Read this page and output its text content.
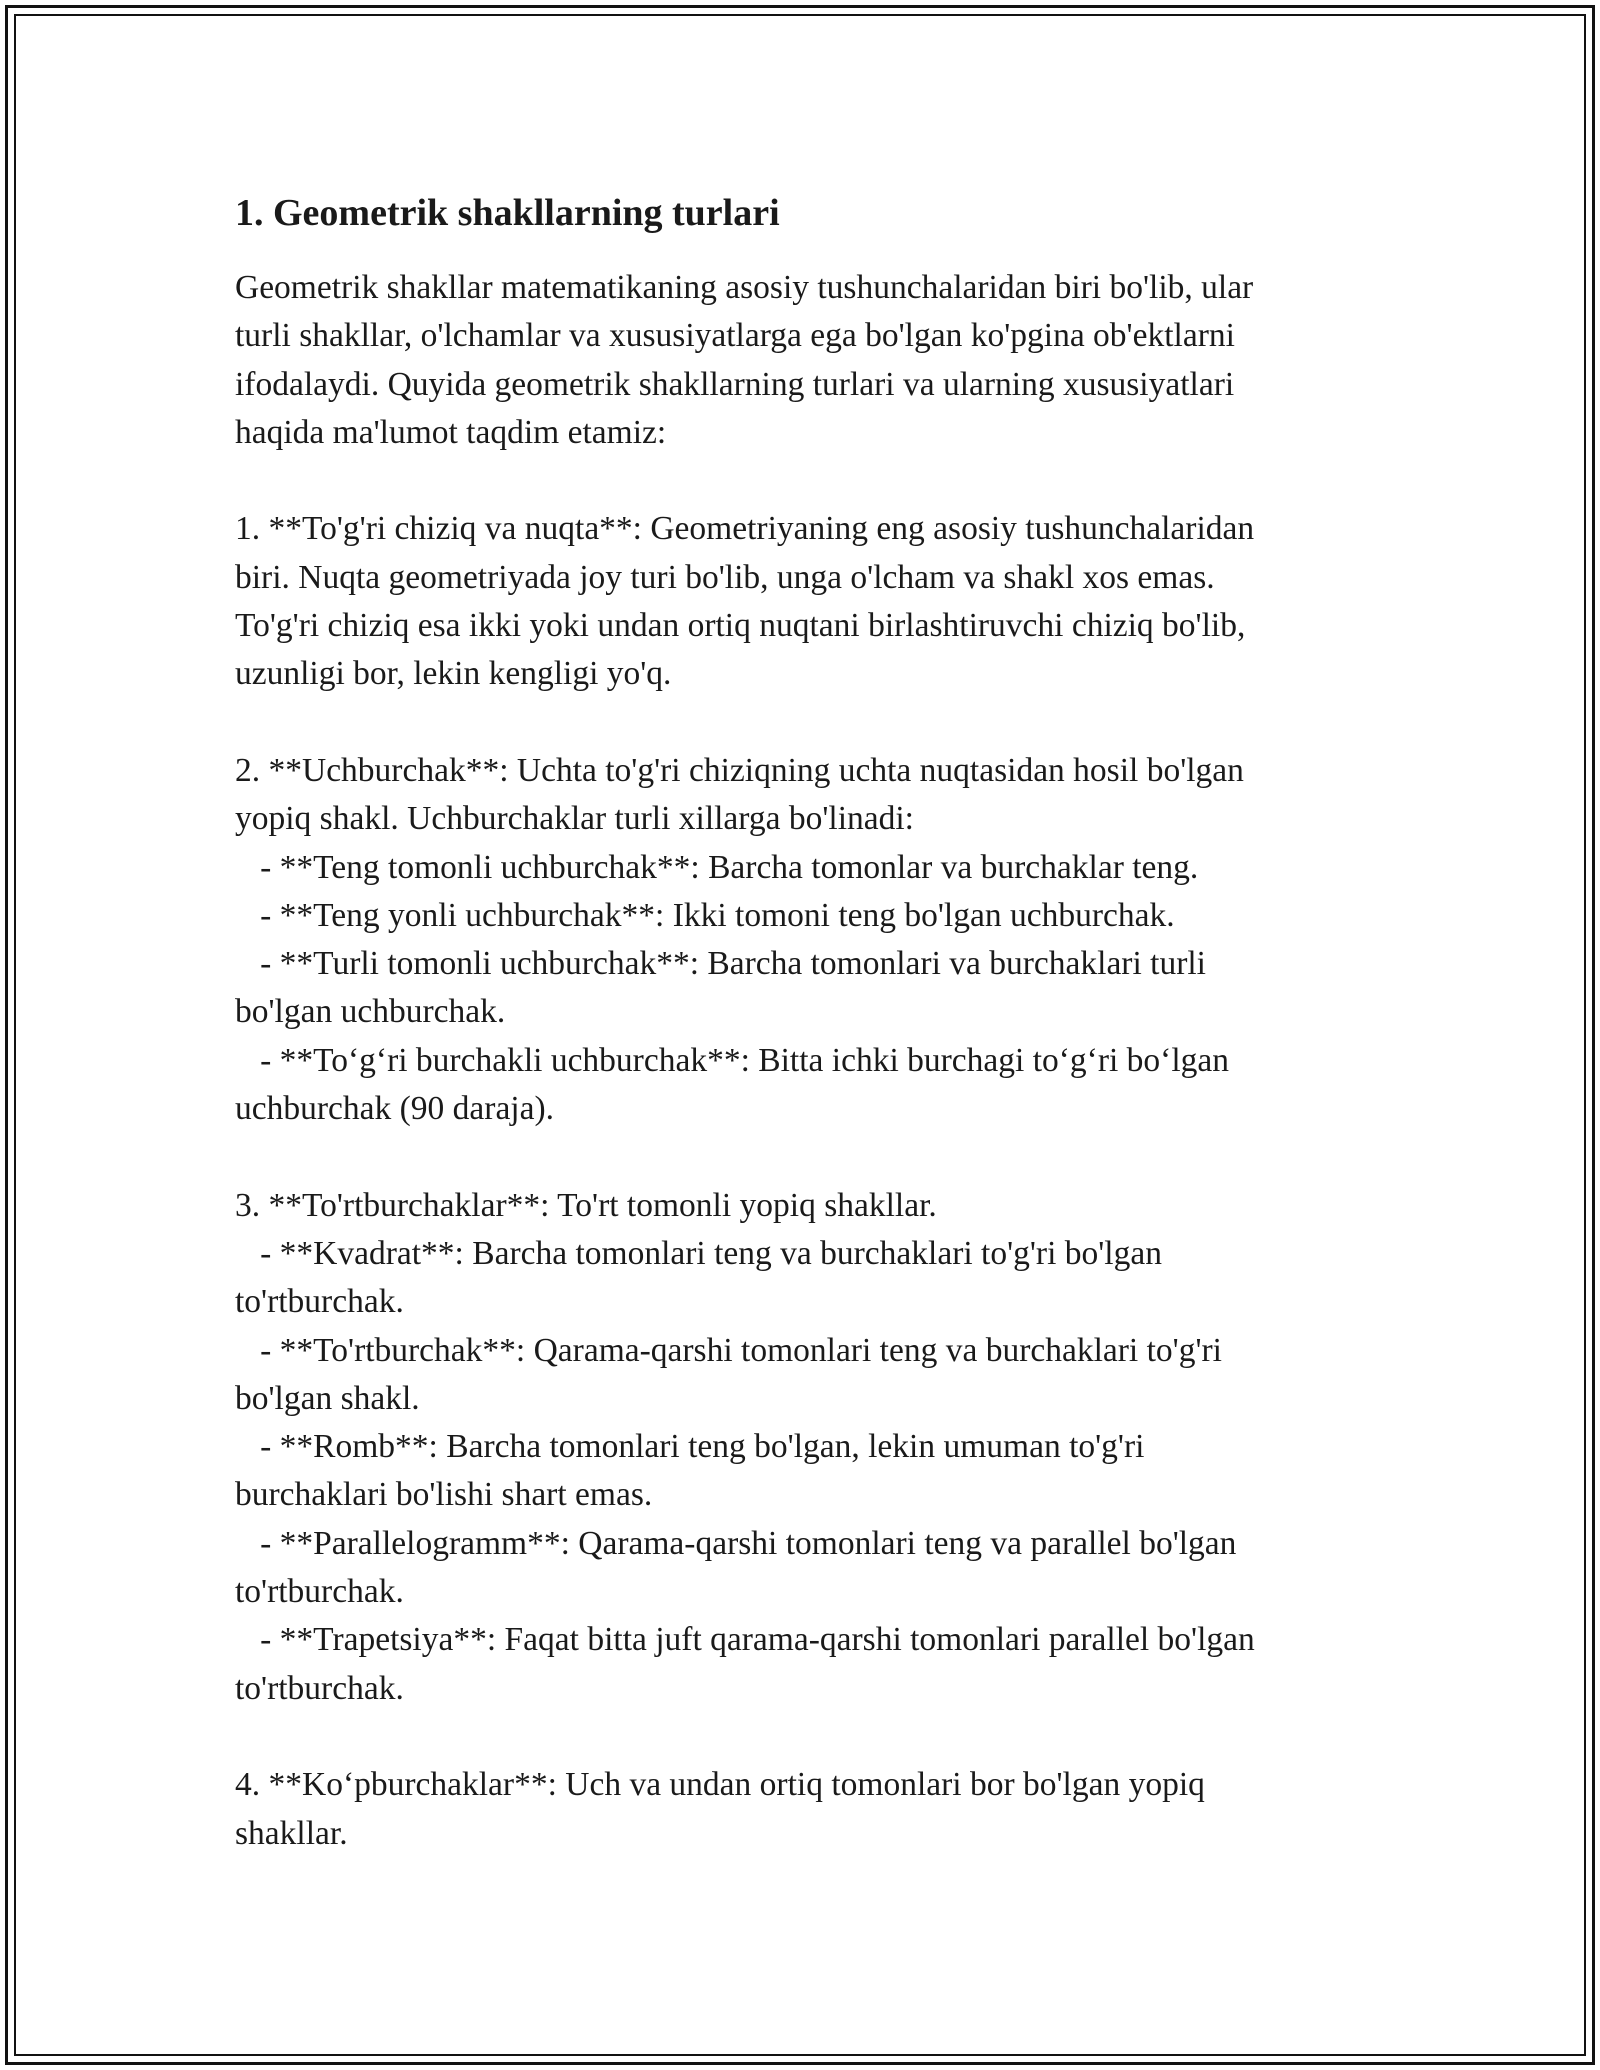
1. Geometrik shakllarning turlari
Geometrik shakllar matematikaning asosiy tushunchalaridan biri bo'lib, ular
turli shakllar, o'lchamlar va xususiyatlarga ega bo'lgan ko'pgina ob'ektlarni
ifodalaydi. Quyida geometrik shakllarning turlari va ularning xususiyatlari
haqida ma'lumot taqdim etamiz:
1. **To'g'ri chiziq va nuqta**: Geometriyaning eng asosiy tushunchalaridan
biri. Nuqta geometriyada joy turi bo'lib, unga o'lcham va shakl xos emas.
To'g'ri chiziq esa ikki yoki undan ortiq nuqtani birlashtiruvchi chiziq bo'lib,
uzunligi bor, lekin kengligi yo'q.
2. **Uchburchak**: Uchta to'g'ri chiziqning uchta nuqtasidan hosil bo'lgan
yopiq shakl. Uchburchaklar turli xillarga bo'linadi:
- **Teng tomonli uchburchak**: Barcha tomonlar va burchaklar teng.
- **Teng yonli uchburchak**: Ikki tomoni teng bo'lgan uchburchak.
- **Turli tomonli uchburchak**: Barcha tomonlari va burchaklari turli
bo'lgan uchburchak.
- **To‘g‘ri burchakli uchburchak**: Bitta ichki burchagi to‘g‘ri bo‘lgan
uchburchak (90 daraja).
3. **To'rtburchaklar**: To'rt tomonli yopiq shakllar.
- **Kvadrat**: Barcha tomonlari teng va burchaklari to'g'ri bo'lgan
to'rtburchak.
- **To'rtburchak**: Qarama-qarshi tomonlari teng va burchaklari to'g'ri
bo'lgan shakl.
- **Romb**: Barcha tomonlari teng bo'lgan, lekin umuman to'g'ri
burchaklari bo'lishi shart emas.
- **Parallelogramm**: Qarama-qarshi tomonlari teng va parallel bo'lgan
to'rtburchak.
- **Trapetsiya**: Faqat bitta juft qarama-qarshi tomonlari parallel bo'lgan
to'rtburchak.
4. **Ko‘pburchaklar**: Uch va undan ortiq tomonlari bor bo'lgan yopiq
shakllar.
